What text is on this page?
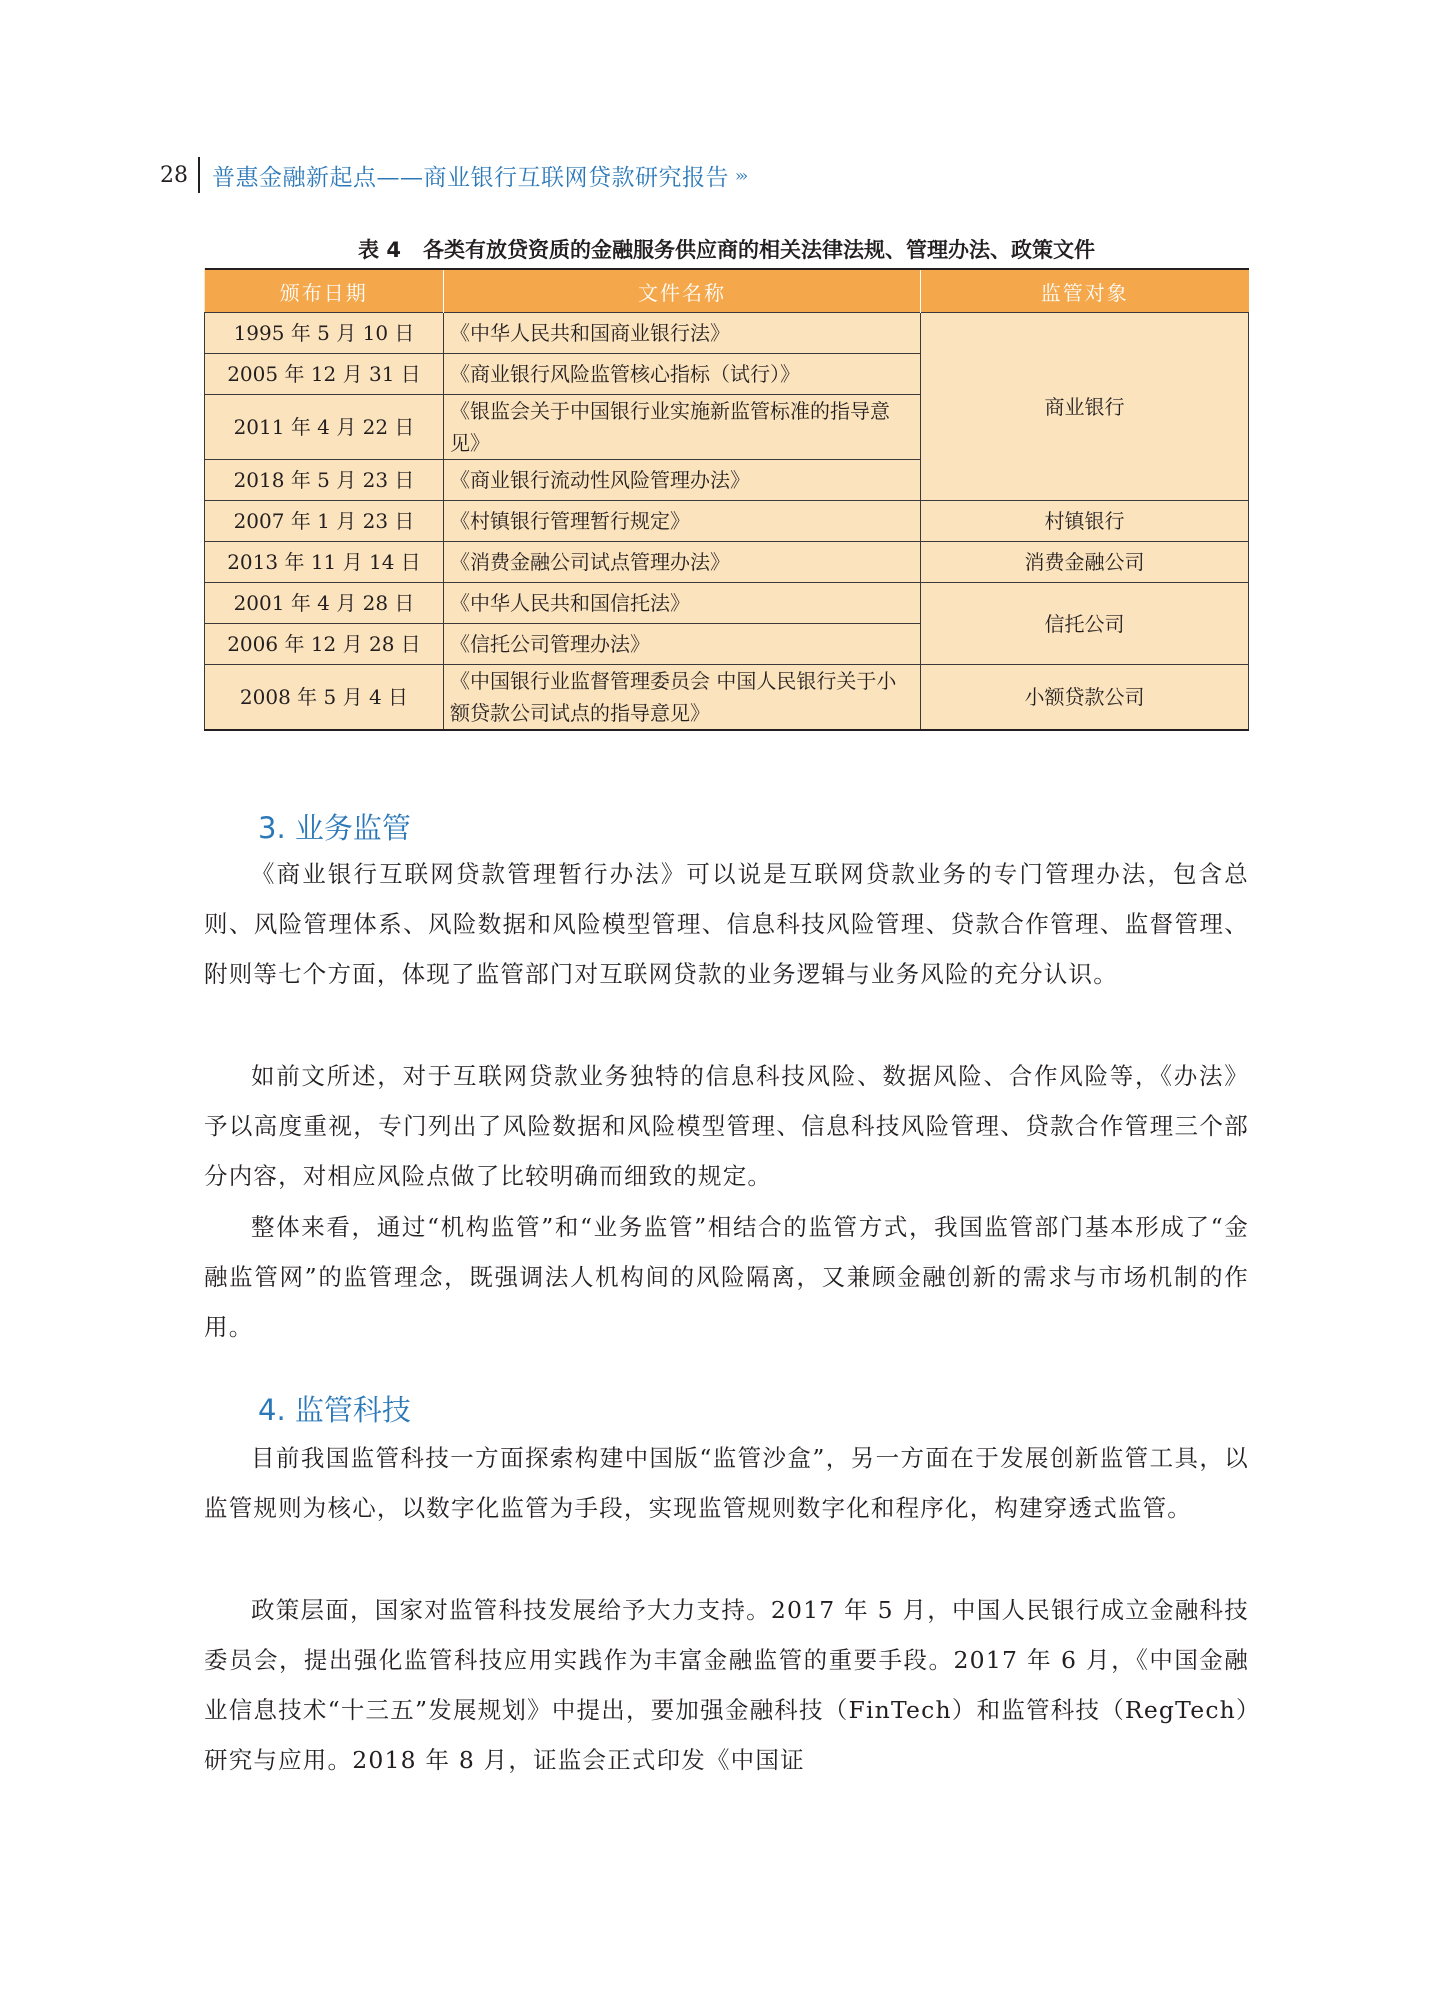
28 普惠金融新起点——商业银行互联网贷款研究报告 ›››
表 4 各类有放贷资质的金融服务供应商的相关法律法规、管理办法、政策文件
颁布日期	文件名称	监管对象
1995 年 5 月 10 日	《中华人民共和国商业银行法》	商业银行
2005 年 12 月 31 日	《商业银行风险监管核心指标（试行）》	
2011 年 4 月 22 日	《银监会关于中国银行业实施新监管标准的指导意见》	
2018 年 5 月 23 日	《商业银行流动性风险管理办法》	
2007 年 1 月 23 日	《村镇银行管理暂行规定》	村镇银行
2013 年 11 月 14 日	《消费金融公司试点管理办法》	消费金融公司
2001 年 4 月 28 日	《中华人民共和国信托法》	信托公司
2006 年 12 月 28 日	《信托公司管理办法》	
2008 年 5 月 4 日	《中国银行业监督管理委员会 中国人民银行关于小额贷款公司试点的指导意见》	小额贷款公司
3. 业务监管

《商业银行互联网贷款管理暂行办法》可以说是互联网贷款业务的专门管理办法，包含总则、风险管理体系、风险数据和风险模型管理、信息科技风险管理、贷款合作管理、监督管理、附则等七个方面，体现了监管部门对互联网贷款的业务逻辑与业务风险的充分认识。

如前文所述，对于互联网贷款业务独特的信息科技风险、数据风险、合作风险等，《办法》予以高度重视，专门列出了风险数据和风险模型管理、信息科技风险管理、贷款合作管理三个部分内容，对相应风险点做了比较明确而细致的规定。

整体来看，通过“机构监管”和“业务监管”相结合的监管方式，我国监管部门基本形成了“金融监管网”的监管理念，既强调法人机构间的风险隔离，又兼顾金融创新的需求与市场机制的作用。

4. 监管科技

目前我国监管科技一方面探索构建中国版“监管沙盒”，另一方面在于发展创新监管工具，以监管规则为核心，以数字化监管为手段，实现监管规则数字化和程序化，构建穿透式监管。

政策层面，国家对监管科技发展给予大力支持。2017 年 5 月，中国人民银行成立金融科技委员会，提出强化监管科技应用实践作为丰富金融监管的重要手段。2017 年 6 月，《中国金融业信息技术“十三五”发展规划》中提出，要加强金融科技（FinTech）和监管科技（RegTech）研究与应用。2018 年 8 月，证监会正式印发《中国证
